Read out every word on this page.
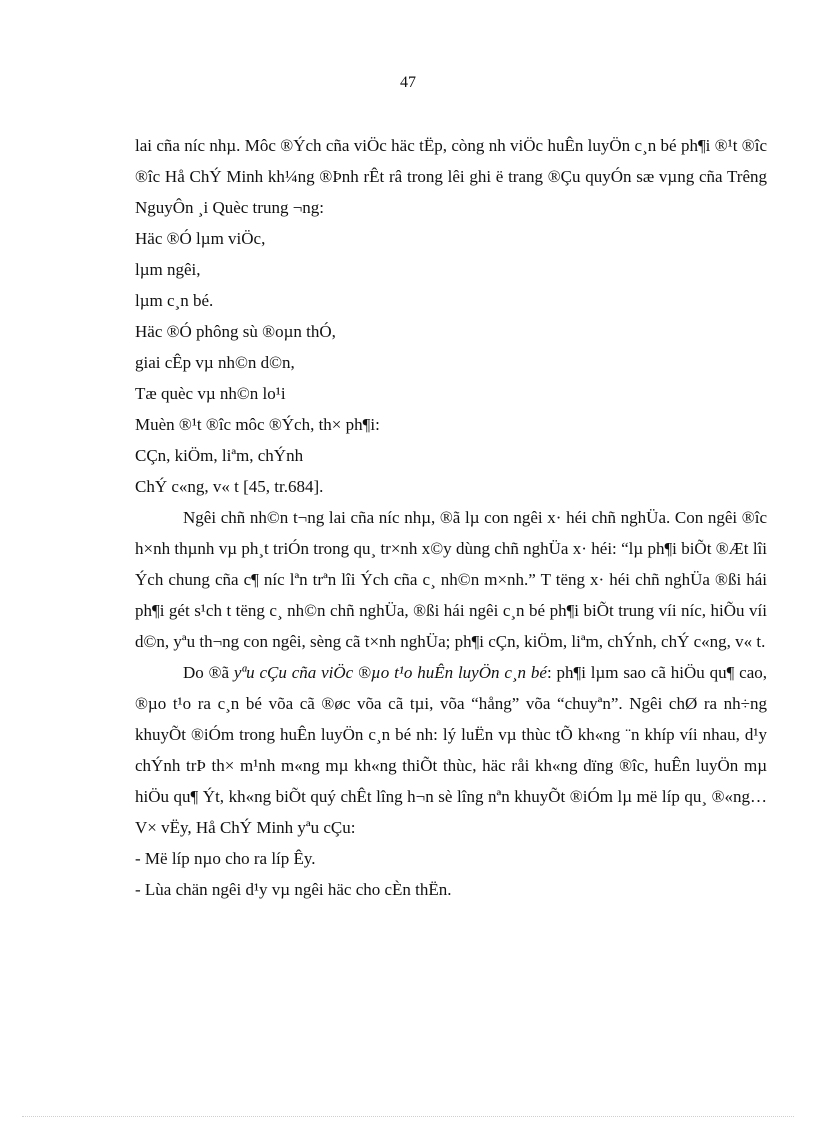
47

lai cña níc nhµ. Môc ®Ých cña viÖc häc tËp, còng nh viÖc huÊn luyÖn c¸n bé ph¶i ®¹t ®îc ®îc Hå ChÝ Minh kh¼ng ®Þnh rÊt râ trong lêi ghi ë trang ®Çu quyÓn sæ vµng cña Trêng NguyÔn ¸i Quèc trung ¬ng:

Häc ®Ó lµm viÖc,

lµm ngêi,

lµm c¸n bé.

Häc ®Ó phông sù ®oµn thÓ,

giai cÊp vµ nh©n d©n,

Tæ quèc vµ nh©n lo¹i

Muèn ®¹t ®îc môc ®Ých, th× ph¶i:

CÇn, kiÖm, liªm, chÝnh

ChÝ c«ng, v« t [45, tr.684].

Ngêi chñ nh©n t¬ng lai cña níc nhµ, ®ã lµ con ngêi x· héi chñ nghÜa. Con ngêi ®îc h×nh thµnh vµ ph¸t triÓn trong qu¸ tr×nh x©y dùng chñ nghÜa x· héi: “lµ ph¶i biÕt ®Æt lîi Ých chung cña c¶ níc lªn trªn lîi Ých cña c¸ nh©n m×nh.” T tëng x· héi chñ nghÜa ®ßi hái ph¶i gét s¹ch t tëng c¸ nh©n chñ nghÜa, ®ßi hái ngêi c¸n bé ph¶i biÕt trung víi níc, hiÕu víi d©n, yªu th¬ng con ngêi, sèng cã t×nh nghÜa; ph¶i cÇn, kiÖm, liªm, chÝnh, chÝ c«ng, v« t.

Do ®ã yªu cÇu cña viÖc ®µo t¹o huÊn luyÖn c¸n bé: ph¶i lµm sao cã hiÖu qu¶ cao, ®µo t¹o ra c¸n bé võa cã ®øc võa cã tµi, võa “hång” võa “chuyªn”. Ngêi chØ ra nh÷ng khuyÕt ®iÓm trong huÊn luyÖn c¸n bé nh: lý luËn vµ thùc tÕ kh«ng ¨n khíp víi nhau, d¹y chÝnh trÞ th× m¹nh m«ng mµ kh«ng thiÕt thùc, häc råi kh«ng dïng ®îc, huÊn luyÖn mµ hiÖu qu¶ Ýt, kh«ng biÕt quý chÊt lîng h¬n sè lîng nªn khuyÕt ®iÓm lµ më líp qu¸ ®«ng… V× vËy, Hå ChÝ Minh yªu cÇu:

- Më líp nµo cho ra líp Êy.

- Lùa chän ngêi d¹y vµ ngêi häc cho cÈn thËn.
